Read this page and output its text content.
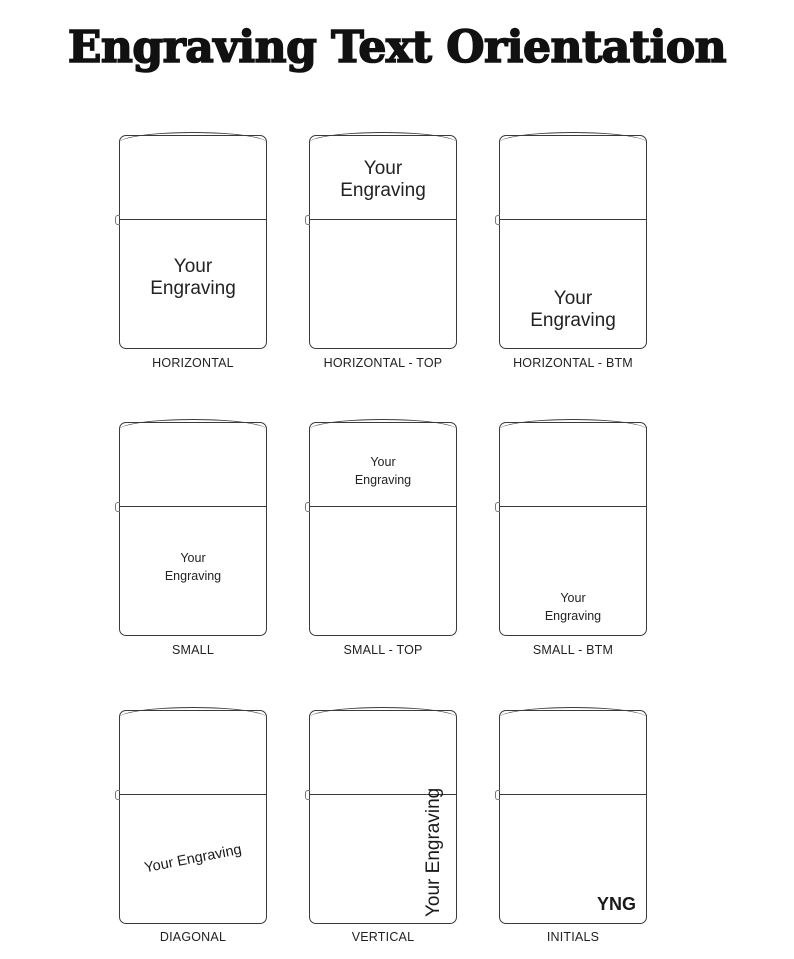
Engraving Text Orientation
Your
Engraving
HORIZONTAL
Your
Engraving
HORIZONTAL - TOP
Your
Engraving
HORIZONTAL - BTM
Your
Engraving
SMALL
Your
Engraving
SMALL - TOP
Your
Engraving
SMALL - BTM
Your Engraving
DIAGONAL
Your Engraving
VERTICAL
YNG
INITIALS
